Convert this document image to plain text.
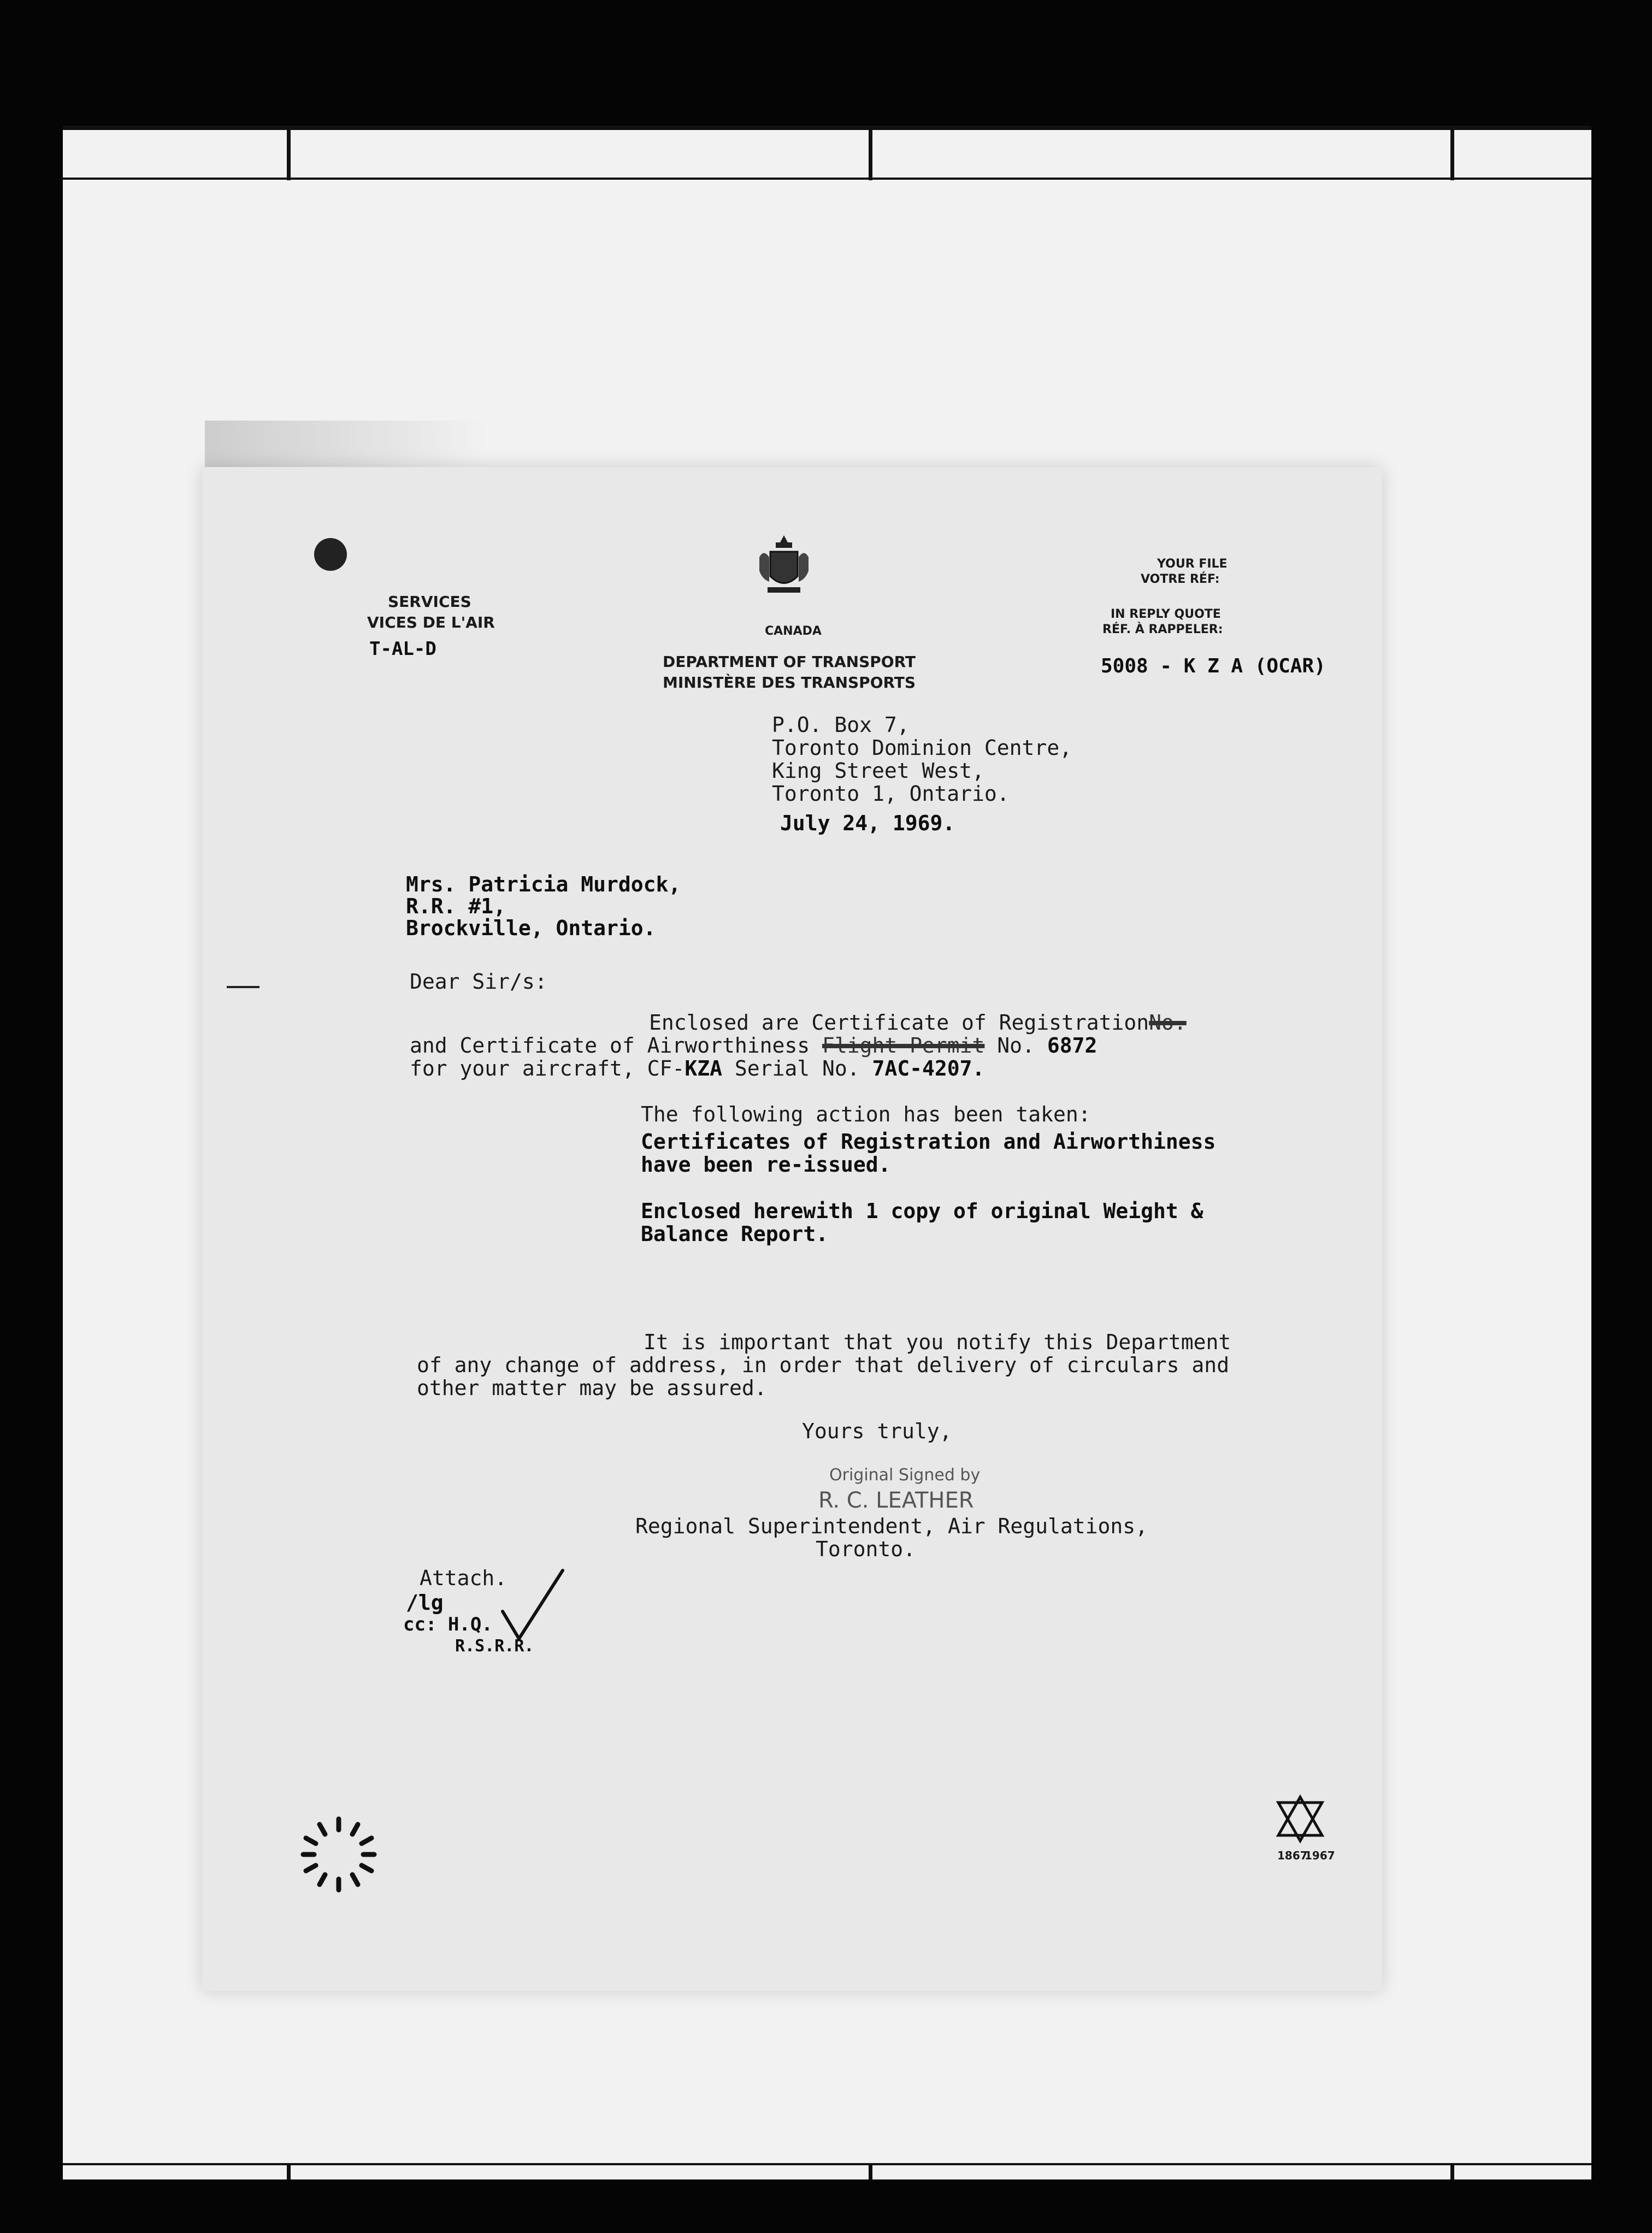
SERVICES
VICES DE L'AIR
T-AL-D
CANADA
DEPARTMENT OF TRANSPORT
MINISTÈRE DES TRANSPORTS
YOUR FILE
VOTRE RÉF:
IN REPLY QUOTE
RÉF. À RAPPELER:
5008 - K Z A (OCAR)
P.O. Box 7,
Toronto Dominion Centre,
King Street West,
Toronto 1, Ontario.
July 24, 1969.
Mrs. Patricia Murdock,
R.R. #1,
Brockville, Ontario.
Dear Sir/s:
Enclosed are Certificate of RegistrationNo.
and Certificate of Airworthiness Flight Permit No. 6872
for your aircraft, CF-KZA Serial No. 7AC-4207.
The following action has been taken:
Certificates of Registration and Airworthiness
have been re-issued.
Enclosed herewith 1 copy of original Weight &
Balance Report.
It is important that you notify this Department
of any change of address, in order that delivery of circulars and
other matter may be assured.
Yours truly,
Original Signed by
R. C. LEATHER
Regional Superintendent, Air Regulations,
Toronto.
Attach.
/lg
cc: H.Q.
R.S.R.R.
1867
1967
